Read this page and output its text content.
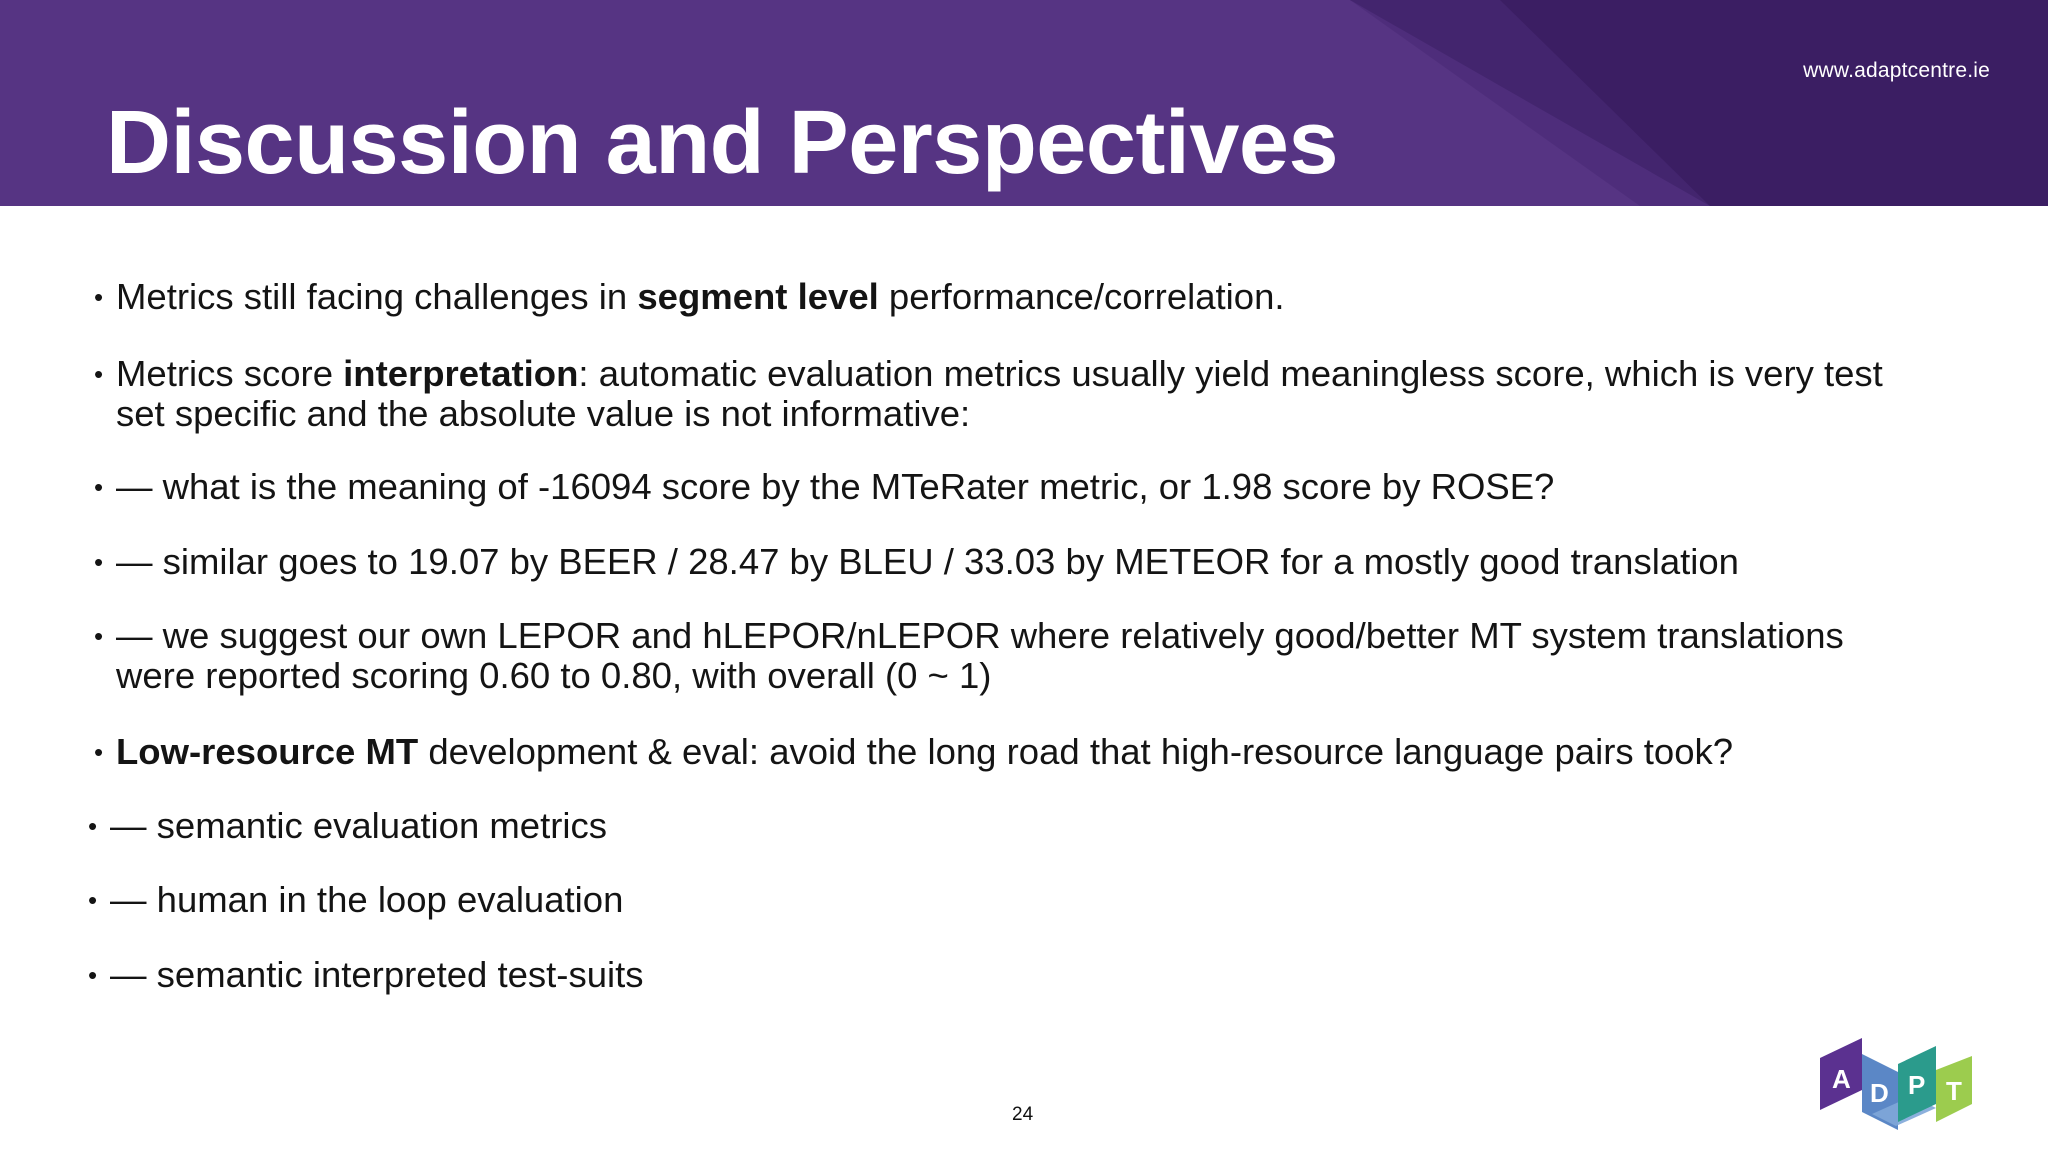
www.adaptcentre.ie
Discussion and Perspectives
• Metrics still facing challenges in segment level performance/correlation.
• Metrics score interpretation: automatic evaluation metrics usually yield meaningless score, which is very test
set specific and the absolute value is not informative:
• — what is the meaning of -16094 score by the MTeRater metric, or 1.98 score by ROSE?
• — similar goes to 19.07 by BEER / 28.47 by BLEU / 33.03 by METEOR for a mostly good translation
• — we suggest our own LEPOR and hLEPOR/nLEPOR where relatively good/better MT system translations
were reported scoring 0.60 to 0.80, with overall (0 ~ 1)
• Low-resource MT development & eval: avoid the long road that high-resource language pairs took?
• — semantic evaluation metrics
• — human in the loop evaluation
• — semantic interpreted test-suits
24
A D P T
